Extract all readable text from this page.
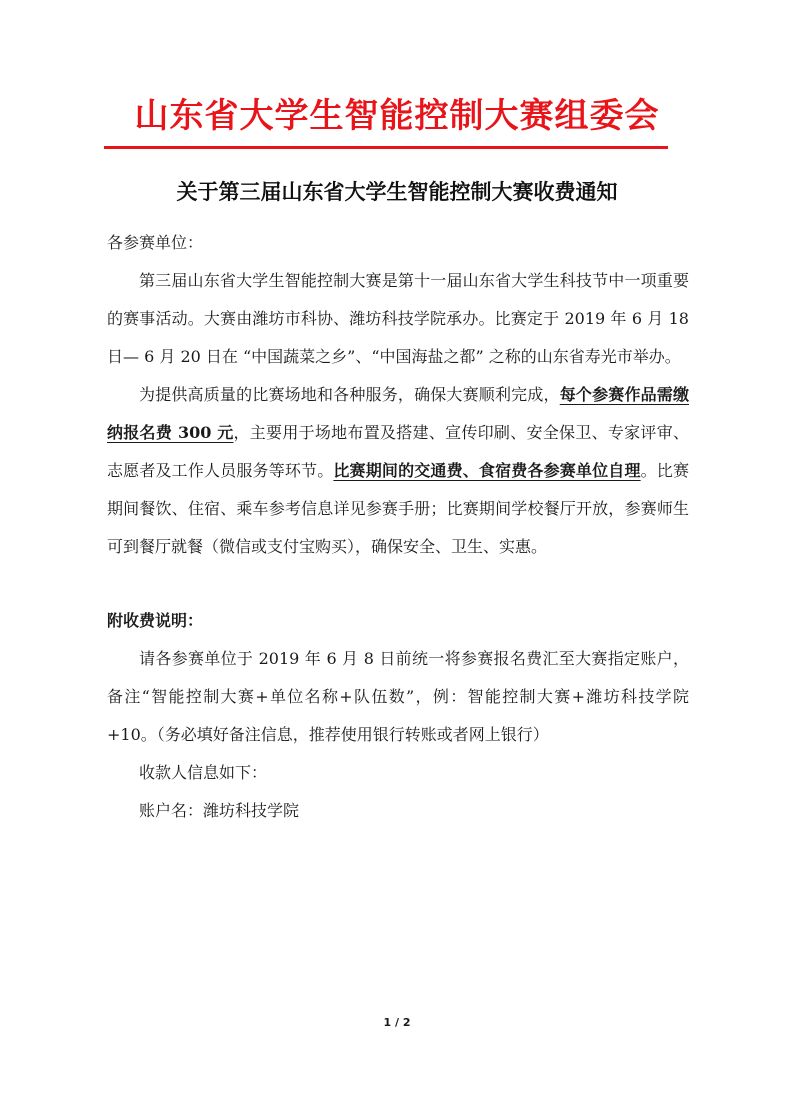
山东省大学生智能控制大赛组委会
关于第三届山东省大学生智能控制大赛收费通知

各参赛单位：

第三届山东省大学生智能控制大赛是第十一届山东省大学生科技节中一项重要的赛事活动。大赛由潍坊市科协、潍坊科技学院承办。比赛定于 2019 年 6 月 18 日— 6 月 20 日在 “中国蔬菜之乡”、“中国海盐之都” 之称的山东省寿光市举办。

为提供高质量的比赛场地和各种服务，确保大赛顺利完成，每个参赛作品需缴纳报名费 300 元，主要用于场地布置及搭建、宣传印刷、安全保卫、专家评审、志愿者及工作人员服务等环节。比赛期间的交通费、食宿费各参赛单位自理。比赛期间餐饮、住宿、乘车参考信息详见参赛手册；比赛期间学校餐厅开放，参赛师生可到餐厅就餐（微信或支付宝购买），确保安全、卫生、实惠。

附收费说明：

请各参赛单位于 2019 年 6 月 8 日前统一将参赛报名费汇至大赛指定账户，备注“智能控制大赛+单位名称+队伍数”，例：智能控制大赛+潍坊科技学院+10。（务必填好备注信息，推荐使用银行转账或者网上银行）

收款人信息如下：

账户名：潍坊科技学院

1 / 2
